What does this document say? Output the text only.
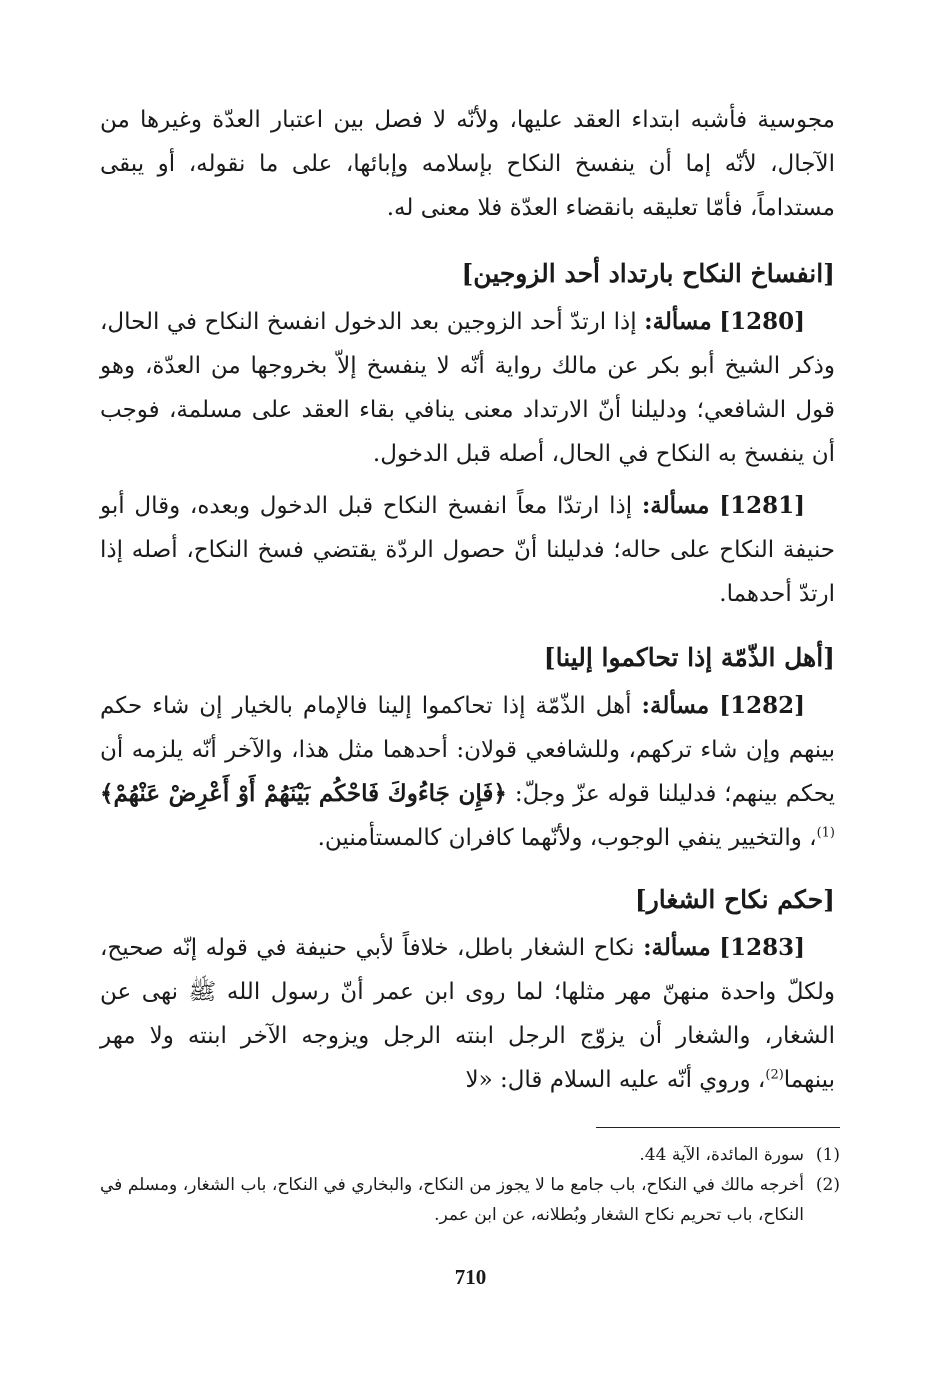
مجوسية فأشبه ابتداء العقد عليها، ولأنّه لا فصل بين اعتبار العدّة وغيرها من الآجال، لأنّه إما أن ينفسخ النكاح بإسلامه وإبائها، على ما نقوله، أو يبقى مستداماً، فأمّا تعليقه بانقضاء العدّة فلا معنى له.

[انفساخ النكاح بارتداد أحد الزوجين]

[1280] مسألة: إذا ارتدّ أحد الزوجين بعد الدخول انفسخ النكاح في الحال، وذكر الشيخ أبو بكر عن مالك رواية أنّه لا ينفسخ إلاّ بخروجها من العدّة، وهو قول الشافعي؛ ودليلنا أنّ الارتداد معنى ينافي بقاء العقد على مسلمة، فوجب أن ينفسخ به النكاح في الحال، أصله قبل الدخول.

[1281] مسألة: إذا ارتدّا معاً انفسخ النكاح قبل الدخول وبعده، وقال أبو حنيفة النكاح على حاله؛ فدليلنا أنّ حصول الردّة يقتضي فسخ النكاح، أصله إذا ارتدّ أحدهما.

[أهل الذّمّة إذا تحاكموا إلينا]

[1282] مسألة: أهل الذّمّة إذا تحاكموا إلينا فالإمام بالخيار إن شاء حكم بينهم وإن شاء تركهم، وللشافعي قولان: أحدهما مثل هذا، والآخر أنّه يلزمه أن يحكم بينهم؛ فدليلنا قوله عزّ وجلّ: ﴿فَإِن جَاءُوكَ فَاحْكُم بَيْنَهُمْ أَوْ أَعْرِضْ عَنْهُمْ﴾$^{(1)}$، والتخيير ينفي الوجوب، ولأنّهما كافران كالمستأمنين.

[حكم نكاح الشغار]

[1283] مسألة: نكاح الشغار باطل، خلافاً لأبي حنيفة في قوله إنّه صحيح، ولكلّ واحدة منهنّ مهر مثلها؛ لما روى ابن عمر أنّ رسول الله ﷺ نهى عن الشغار، والشغار أن يزوّج الرجل ابنته الرجل ويزوجه الآخر ابنته ولا مهر بينهما$^{(2)}$، وروي أنّه عليه السلام قال: «لا

(1)
سورة المائدة، الآية 44.

(2)
أخرجه مالك في النكاح، باب جامع ما لا يجوز من النكاح، والبخاري في النكاح، باب الشغار، ومسلم في النكاح، باب تحريم نكاح الشغار وبُطلانه، عن ابن عمر.

710
